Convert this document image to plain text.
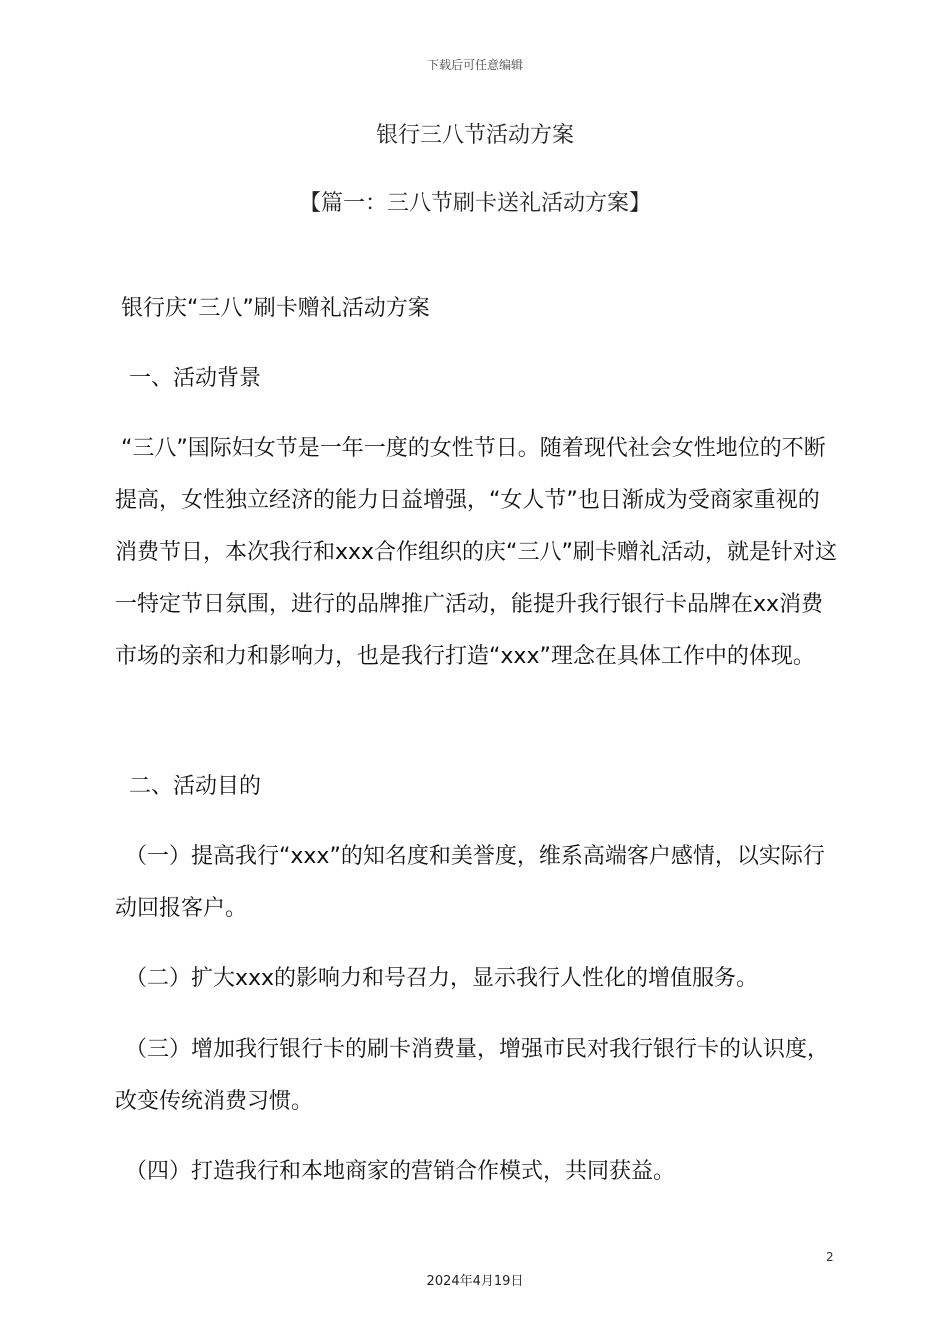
下载后可任意编辑
银行三八节活动方案
【篇一：三八节刷卡送礼活动方案】

银行庆“三八”刷卡赠礼活动方案

一、活动背景

“三八”国际妇女节是一年一度的女性节日。随着现代社会女性地位的不断提高，女性独立经济的能力日益增强，“女人节”也日渐成为受商家重视的消费节日，本次我行和xxx合作组织的庆“三八”刷卡赠礼活动，就是针对这一特定节日氛围，进行的品牌推广活动，能提升我行银行卡品牌在xx消费市场的亲和力和影响力，也是我行打造“xxx”理念在具体工作中的体现。

二、活动目的

（一）提高我行“xxx”的知名度和美誉度，维系高端客户感情，以实际行动回报客户。

（二）扩大xxx的影响力和号召力，显示我行人性化的增值服务。

（三）增加我行银行卡的刷卡消费量，增强市民对我行银行卡的认识度，改变传统消费习惯。

（四）打造我行和本地商家的营销合作模式，共同获益。

2
2024年4月19日
